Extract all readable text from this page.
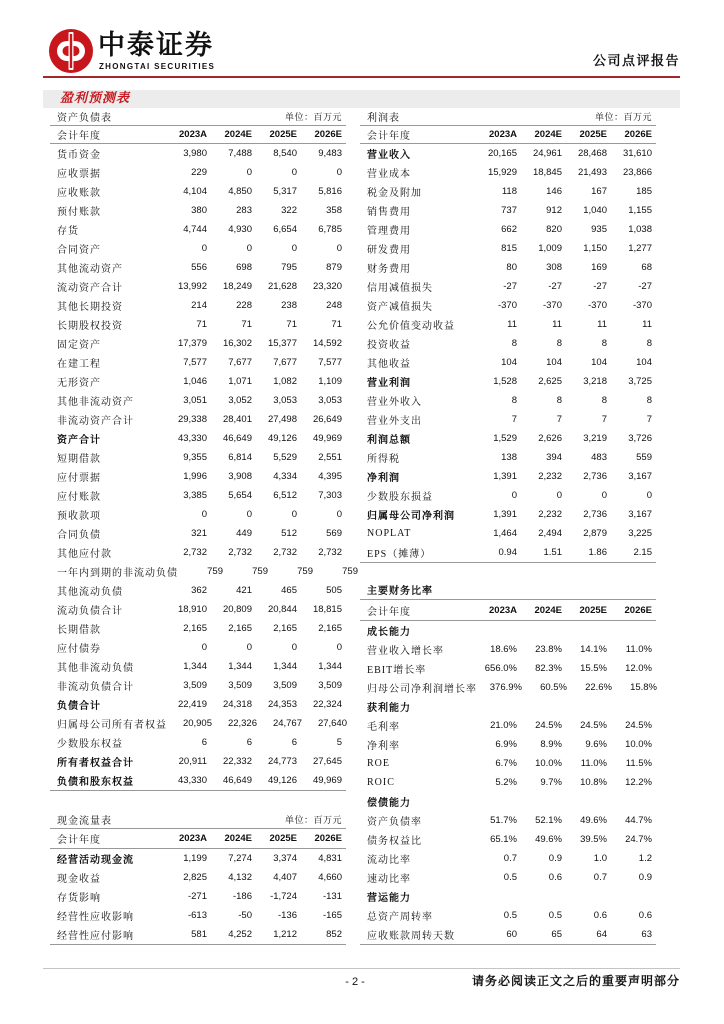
中泰证券
ZHONGTAI SECURITIES	公司点评报告
盈利预测表
资产负债表	单位：百万元
会计年度	2023A	2024E	2025E	2026E
货币资金	3,980	7,488	8,540	9,483
应收票据	229	0	0	0
应收账款	4,104	4,850	5,317	5,816
预付账款	380	283	322	358
存货	4,744	4,930	6,654	6,785
合同资产	0	0	0	0
其他流动资产	556	698	795	879
流动资产合计	13,992	18,249	21,628	23,320
其他长期投资	214	228	238	248
长期股权投资	71	71	71	71
固定资产	17,379	16,302	15,377	14,592
在建工程	7,577	7,677	7,677	7,577
无形资产	1,046	1,071	1,082	1,109
其他非流动资产	3,051	3,052	3,053	3,053
非流动资产合计	29,338	28,401	27,498	26,649
资产合计	43,330	46,649	49,126	49,969
短期借款	9,355	6,814	5,529	2,551
应付票据	1,996	3,908	4,334	4,395
应付账款	3,385	5,654	6,512	7,303
预收款项	0	0	0	0
合同负债	321	449	512	569
其他应付款	2,732	2,732	2,732	2,732
一年内到期的非流动负债	759	759	759	759
其他流动负债	362	421	465	505
流动负债合计	18,910	20,809	20,844	18,815
长期借款	2,165	2,165	2,165	2,165
应付债券	0	0	0	0
其他非流动负债	1,344	1,344	1,344	1,344
非流动负债合计	3,509	3,509	3,509	3,509
负债合计	22,419	24,318	24,353	22,324
归属母公司所有者权益	20,905	22,326	24,767	27,640
少数股东权益	6	6	6	5
所有者权益合计	20,911	22,332	24,773	27,645
负债和股东权益	43,330	46,649	49,126	49,969
利润表	单位：百万元
会计年度	2023A	2024E	2025E	2026E
营业收入	20,165	24,961	28,468	31,610
营业成本	15,929	18,845	21,493	23,866
税金及附加	118	146	167	185
销售费用	737	912	1,040	1,155
管理费用	662	820	935	1,038
研发费用	815	1,009	1,150	1,277
财务费用	80	308	169	68
信用减值损失	-27	-27	-27	-27
资产减值损失	-370	-370	-370	-370
公允价值变动收益	11	11	11	11
投资收益	8	8	8	8
其他收益	104	104	104	104
营业利润	1,528	2,625	3,218	3,725
营业外收入	8	8	8	8
营业外支出	7	7	7	7
利润总额	1,529	2,626	3,219	3,726
所得税	138	394	483	559
净利润	1,391	2,232	2,736	3,167
少数股东损益	0	0	0	0
归属母公司净利润	1,391	2,232	2,736	3,167
NOPLAT	1,464	2,494	2,879	3,225
EPS（摊薄）	0.94	1.51	1.86	2.15
主要财务比率
会计年度	2023A	2024E	2025E	2026E
成长能力
营业收入增长率	18.6%	23.8%	14.1%	11.0%
EBIT增长率	656.0%	82.3%	15.5%	12.0%
归母公司净利润增长率	376.9%	60.5%	22.6%	15.8%
获利能力
毛利率	21.0%	24.5%	24.5%	24.5%
净利率	6.9%	8.9%	9.6%	10.0%
ROE	6.7%	10.0%	11.0%	11.5%
ROIC	5.2%	9.7%	10.8%	12.2%
偿债能力
资产负债率	51.7%	52.1%	49.6%	44.7%
债务权益比	65.1%	49.6%	39.5%	24.7%
流动比率	0.7	0.9	1.0	1.2
速动比率	0.5	0.6	0.7	0.9
营运能力
总资产周转率	0.5	0.5	0.6	0.6
应收账款周转天数	60	65	64	63
现金流量表	单位：百万元
会计年度	2023A	2024E	2025E	2026E
经营活动现金流	1,199	7,274	3,374	4,831
现金收益	2,825	4,132	4,407	4,660
存货影响	-271	-186	-1,724	-131
经营性应收影响	-613	-50	-136	-165
经营性应付影响	581	4,252	1,212	852
- 2 -	请务必阅读正文之后的重要声明部分
